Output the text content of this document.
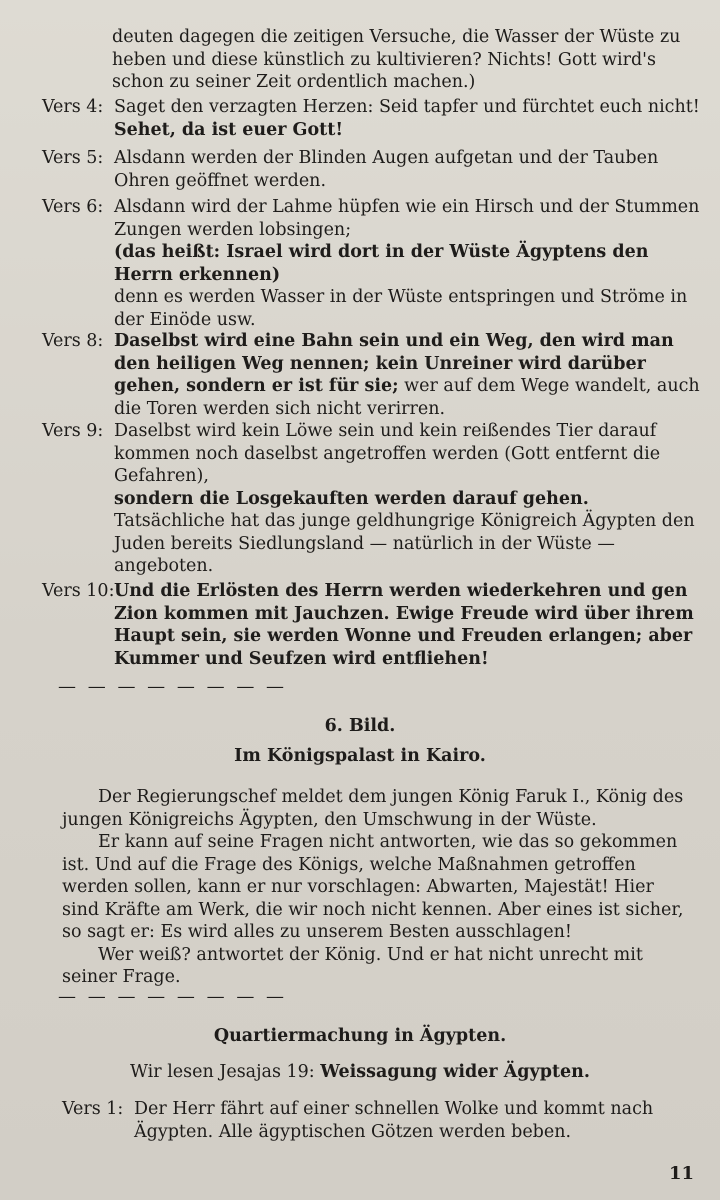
deuten dagegen die zeitigen Versuche, die Wasser der Wüste zu heben und diese künstlich zu kultivieren? Nichts! Gott wird's schon zu seiner Zeit ordentlich machen.)
Vers 4: Saget den verzagten Herzen: Seid tapfer und fürchtet euch nicht!

Sehet, da ist euer Gott!

Vers 5: Alsdann werden der Blinden Augen aufgetan und der Tauben Ohren geöffnet werden.

Vers 6: Alsdann wird der Lahme hüpfen wie ein Hirsch und der Stummen Zungen werden lobsingen;

(das heißt: Israel wird dort in der Wüste Ägyptens den Herrn erkennen)

denn es werden Wasser in der Wüste entspringen und Ströme in der Einöde usw.

Vers 8: Daselbst wird eine Bahn sein und ein Weg, den wird man den heiligen Weg nennen; kein Unreiner wird darüber gehen, sondern er ist für sie; wer auf dem Wege wandelt, auch die Toren werden sich nicht verirren.
Vers 9: Daselbst wird kein Löwe sein und kein reißendes Tier darauf kommen noch daselbst angetroffen werden (Gott entfernt die Gefahren),

sondern die Losgekauften werden darauf gehen.

Tatsächliche hat das junge geldhungrige Königreich Ägypten den Juden bereits Siedlungsland — natürlich in der Wüste — angeboten.

Vers 10: Und die Erlösten des Herrn werden wiederkehren und gen Zion kommen mit Jauchzen. Ewige Freude wird über ihrem Haupt sein, sie werden Wonne und Freuden erlangen; aber Kummer und Seufzen wird entfliehen!

— — — — — — — —
6. Bild.
Im Königspalast in Kairo.

Der Regierungschef meldet dem jungen König Faruk I., König des jungen Königreichs Ägypten, den Umschwung in der Wüste.

Er kann auf seine Fragen nicht antworten, wie das so gekommen ist. Und auf die Frage des Königs, welche Maßnahmen getroffen werden sollen, kann er nur vorschlagen: Abwarten, Majestät! Hier sind Kräfte am Werk, die wir noch nicht kennen. Aber eines ist sicher, so sagt er: Es wird alles zu unserem Besten ausschlagen!

Wer weiß? antwortet der König. Und er hat nicht unrecht mit seiner Frage.

— — — — — — — —
Quartiermachung in Ägypten.
Wir lesen Jesajas 19: Weissagung wider Ägypten.
Vers 1: Der Herr fährt auf einer schnellen Wolke und kommt nach Ägypten. Alle ägyptischen Götzen werden beben.
11
